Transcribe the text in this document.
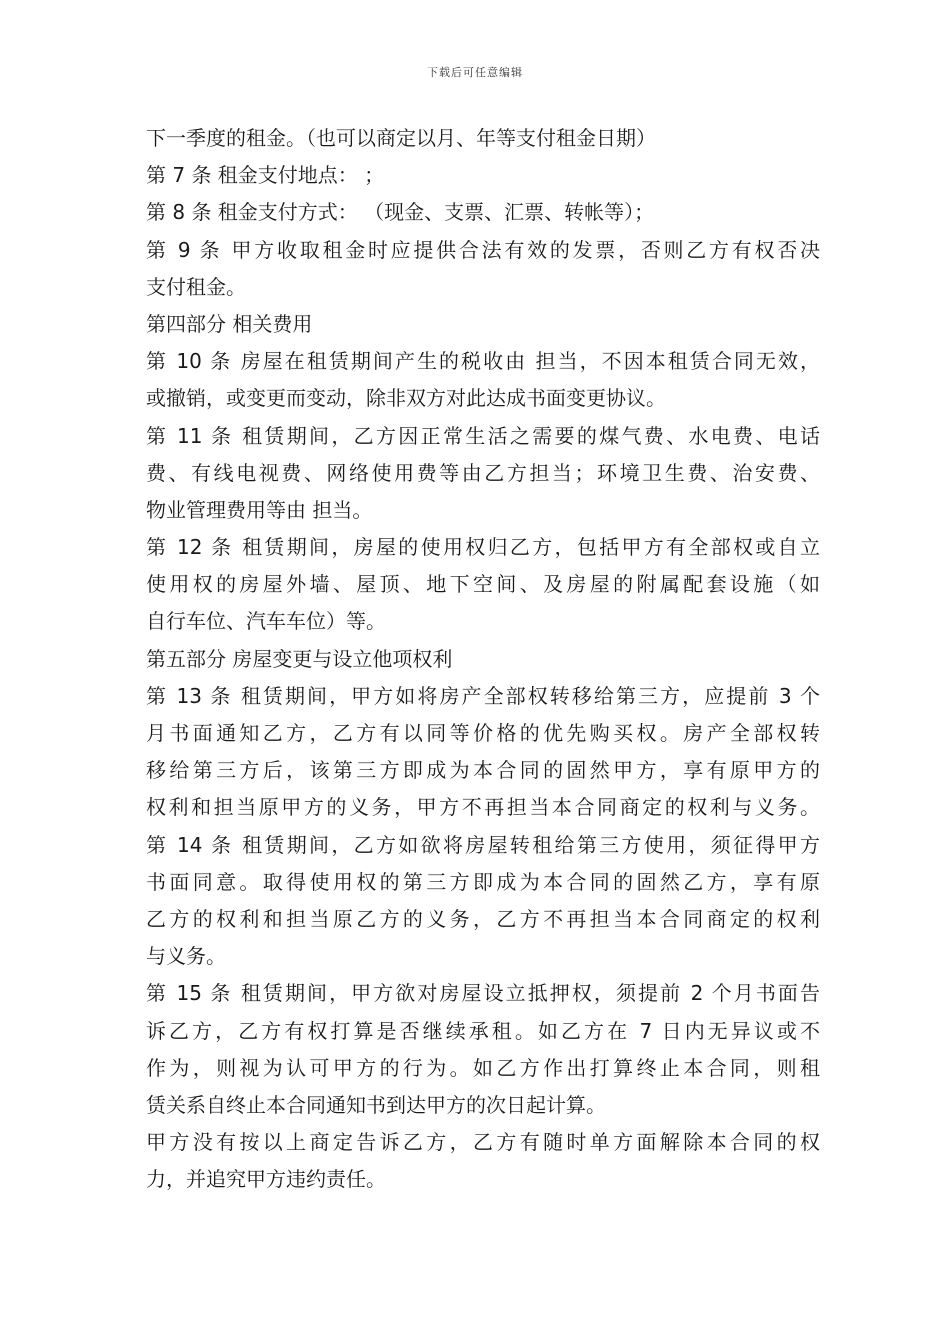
下载后可任意编辑
下一季度的租金。（也可以商定以月、年等支付租金日期）
第 7 条 租金支付地点： ；
第 8 条 租金支付方式： （现金、支票、汇票、转帐等）；
第 9 条 甲方收取租金时应提供合法有效的发票，否则乙方有权否决
支付租金。
第四部分 相关费用
第 10 条 房屋在租赁期间产生的税收由 担当，不因本租赁合同无效，
或撤销，或变更而变动，除非双方对此达成书面变更协议。
第 11 条 租赁期间，乙方因正常生活之需要的煤气费、水电费、电话
费、有线电视费、网络使用费等由乙方担当；环境卫生费、治安费、
物业管理费用等由 担当。
第 12 条 租赁期间，房屋的使用权归乙方，包括甲方有全部权或自立
使用权的房屋外墙、屋顶、地下空间、及房屋的附属配套设施（如
自行车位、汽车车位）等。
第五部分 房屋变更与设立他项权利
第 13 条 租赁期间，甲方如将房产全部权转移给第三方，应提前 3 个
月书面通知乙方，乙方有以同等价格的优先购买权。房产全部权转
移给第三方后，该第三方即成为本合同的固然甲方，享有原甲方的
权利和担当原甲方的义务，甲方不再担当本合同商定的权利与义务。
第 14 条 租赁期间，乙方如欲将房屋转租给第三方使用，须征得甲方
书面同意。取得使用权的第三方即成为本合同的固然乙方，享有原
乙方的权利和担当原乙方的义务，乙方不再担当本合同商定的权利
与义务。
第 15 条 租赁期间，甲方欲对房屋设立抵押权，须提前 2 个月书面告
诉乙方，乙方有权打算是否继续承租。如乙方在 7 日内无异议或不
作为，则视为认可甲方的行为。如乙方作出打算终止本合同，则租
赁关系自终止本合同通知书到达甲方的次日起计算。
甲方没有按以上商定告诉乙方，乙方有随时单方面解除本合同的权
力，并追究甲方违约责任。
